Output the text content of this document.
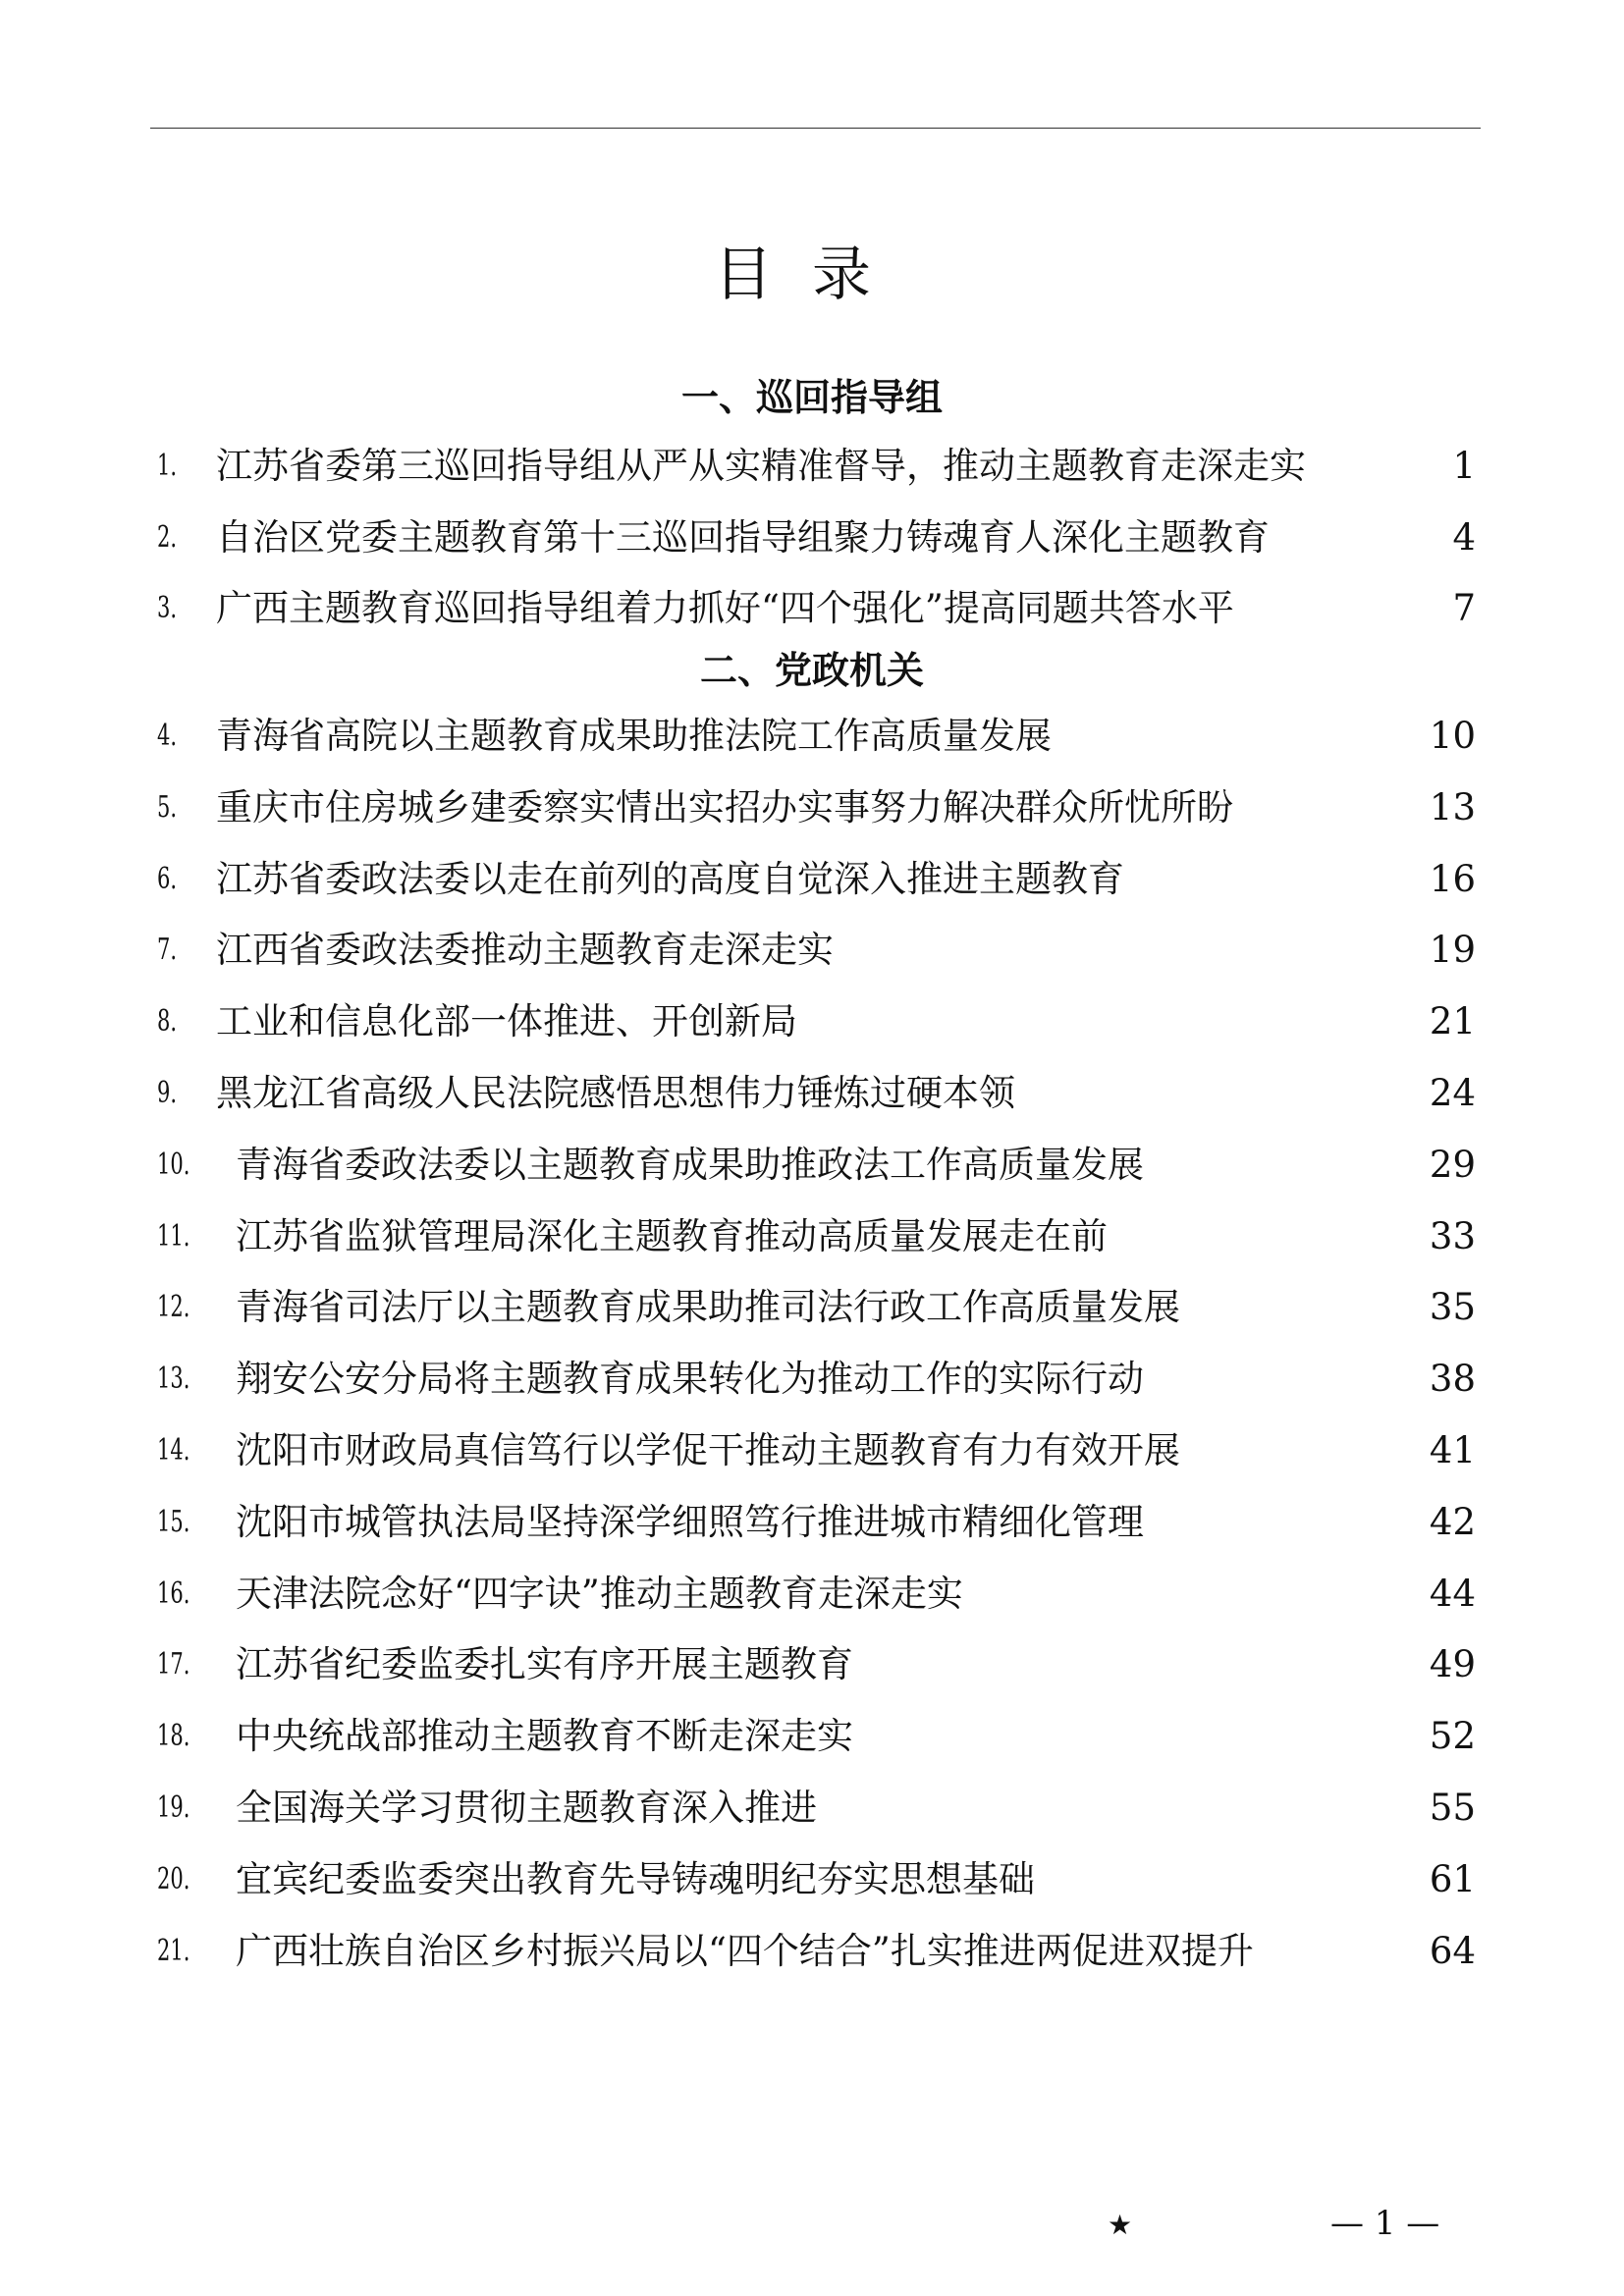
目录
一、巡回指导组
二、党政机关
1. 江苏省委第三巡回指导组从严从实精准督导，推动主题教育走深走实	1
2. 自治区党委主题教育第十三巡回指导组聚力铸魂育人深化主题教育	4
3. 广西主题教育巡回指导组着力抓好“四个强化”提高同题共答水平	7
4. 青海省高院以主题教育成果助推法院工作高质量发展	10
5. 重庆市住房城乡建委察实情出实招办实事努力解决群众所忧所盼	13
6. 江苏省委政法委以走在前列的高度自觉深入推进主题教育	16
7. 江西省委政法委推动主题教育走深走实	19
8. 工业和信息化部一体推进、开创新局	21
9. 黑龙江省高级人民法院感悟思想伟力锤炼过硬本领	24
10. 青海省委政法委以主题教育成果助推政法工作高质量发展	29
11. 江苏省监狱管理局深化主题教育推动高质量发展走在前	33
12. 青海省司法厅以主题教育成果助推司法行政工作高质量发展	35
13. 翔安公安分局将主题教育成果转化为推动工作的实际行动	38
14. 沈阳市财政局真信笃行以学促干推动主题教育有力有效开展	41
15. 沈阳市城管执法局坚持深学细照笃行推进城市精细化管理	42
16. 天津法院念好“四字诀”推动主题教育走深走实	44
17. 江苏省纪委监委扎实有序开展主题教育	49
18. 中央统战部推动主题教育不断走深走实	52
19. 全国海关学习贯彻主题教育深入推进	55
20. 宜宾纪委监委突出教育先导铸魂明纪夯实思想基础	61
21. 广西壮族自治区乡村振兴局以“四个结合”扎实推进两促进双提升	64
★	— 1 —
